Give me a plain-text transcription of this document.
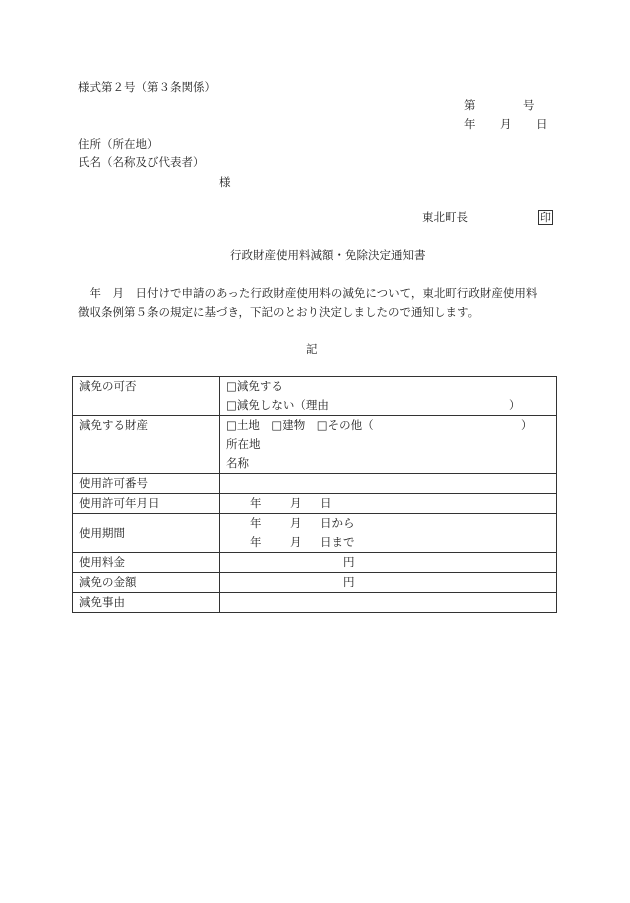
様式第２号（第３条関係）
第	号
年 月 日
住所（所在地）
氏名（名称及び代表者）
様
東北町長	印
行政財産使用料減額・免除決定通知書
　年　月　日付けで申請のあった行政財産使用料の減免について，東北町行政財産使用料
徴収条例第５条の規定に基づき，下記のとおり決定しましたので通知します。
記
減免の可否	□減免する
□減免しない（理由 ）

減免する財産	□土地　□建物　□その他（ ）
所在地
名称

使用許可番号	
使用許可年月日	年 月 日

使用期間	
年 月 日から
年 月 日まで

使用料金	円

減免の金額	円

減免事由	
